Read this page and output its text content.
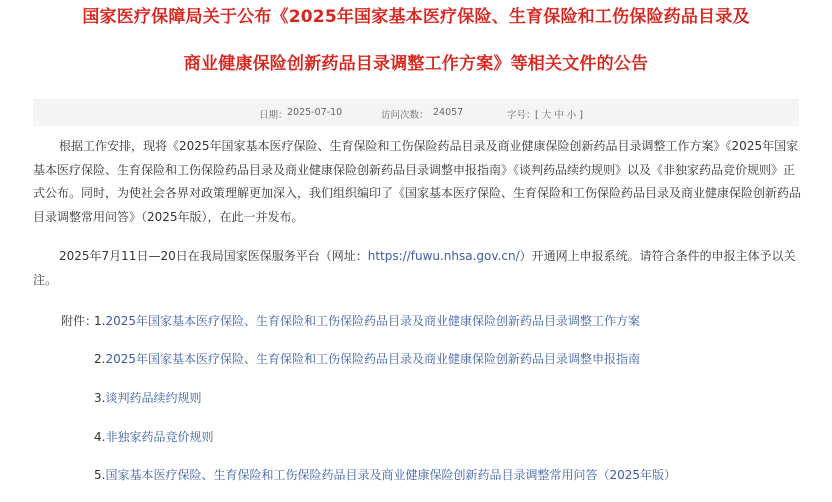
国家医疗保障局关于公布《2025年国家基本医疗保险、生育保险和工伤保险药品目录及
商业健康保险创新药品目录调整工作方案》等相关文件的公告
日期： 2025-07-10	访问次数： 24057	字号： [ 大 中 小 ]

根据工作安排，现将《2025年国家基本医疗保险、生育保险和工伤保险药品目录及商业健康保险创新药品目录调整工作方案》《2025年国家基本医疗保险、生育保险和工伤保险药品目录及商业健康保险创新药品目录调整申报指南》《谈判药品续约规则》以及《非独家药品竞价规则》正式公布。同时，为使社会各界对政策理解更加深入，我们组织编印了《国家基本医疗保险、生育保险和工伤保险药品目录及商业健康保险创新药品目录调整常用问答》（2025年版），在此一并发布。

2025年7月11日—20日在我局国家医保服务平台（网址：https://fuwu.nhsa.gov.cn/）开通网上申报系统。请符合条件的申报主体予以关注。

附件：
1.2025年国家基本医疗保险、生育保险和工伤保险药品目录及商业健康保险创新药品目录调整工作方案
2.2025年国家基本医疗保险、生育保险和工伤保险药品目录及商业健康保险创新药品目录调整申报指南
3.谈判药品续约规则
4.非独家药品竞价规则
5.国家基本医疗保险、生育保险和工伤保险药品目录及商业健康保险创新药品目录调整常用问答（2025年版）
